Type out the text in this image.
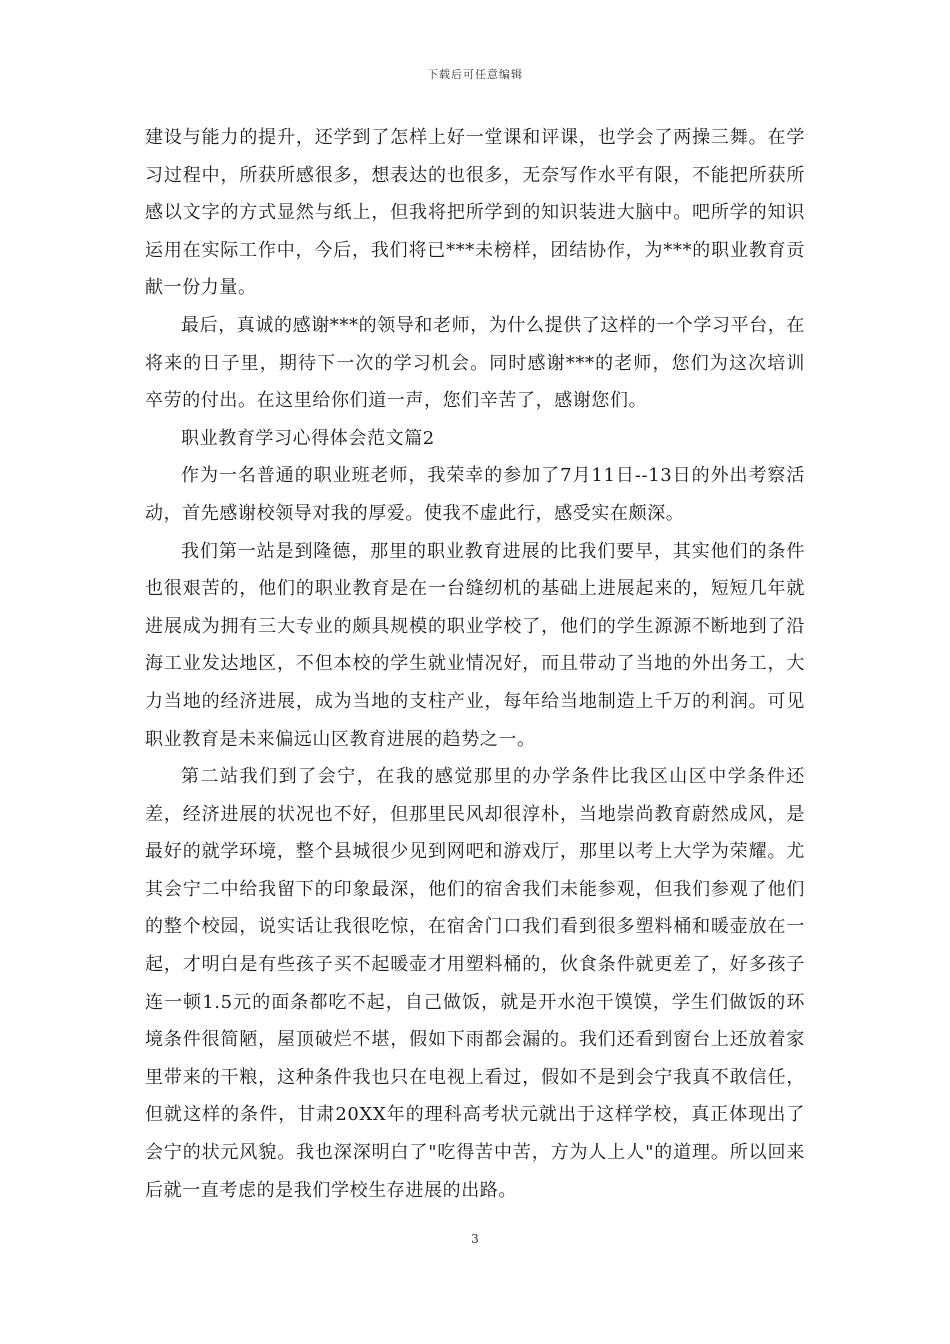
下载后可任意编辑

建设与能力的提升，还学到了怎样上好一堂课和评课，也学会了两操三舞。在学习过程中，所获所感很多，想表达的也很多，无奈写作水平有限，不能把所获所感以文字的方式显然与纸上，但我将把所学到的知识装进大脑中。吧所学的知识运用在实际工作中，今后，我们将已***未榜样，团结协作，为***的职业教育贡献一份力量。

最后，真诚的感谢***的领导和老师，为什么提供了这样的一个学习平台，在将来的日子里，期待下一次的学习机会。同时感谢***的老师，您们为这次培训卒劳的付出。在这里给你们道一声，您们辛苦了，感谢您们。

职业教育学习心得体会范文篇2

作为一名普通的职业班老师，我荣幸的参加了7月11日--13日的外出考察活动，首先感谢校领导对我的厚爱。使我不虚此行，感受实在颇深。

我们第一站是到隆德，那里的职业教育进展的比我们要早，其实他们的条件也很艰苦的，他们的职业教育是在一台缝纫机的基础上进展起来的，短短几年就进展成为拥有三大专业的颇具规模的职业学校了，他们的学生源源不断地到了沿海工业发达地区，不但本校的学生就业情况好，而且带动了当地的外出务工，大力当地的经济进展，成为当地的支柱产业，每年给当地制造上千万的利润。可见职业教育是未来偏远山区教育进展的趋势之一。

第二站我们到了会宁，在我的感觉那里的办学条件比我区山区中学条件还差，经济进展的状况也不好，但那里民风却很淳朴，当地崇尚教育蔚然成风，是最好的就学环境，整个县城很少见到网吧和游戏厅，那里以考上大学为荣耀。尤其会宁二中给我留下的印象最深，他们的宿舍我们未能参观，但我们参观了他们的整个校园，说实话让我很吃惊，在宿舍门口我们看到很多塑料桶和暖壶放在一起，才明白是有些孩子买不起暖壶才用塑料桶的，伙食条件就更差了，好多孩子连一顿1.5元的面条都吃不起，自己做饭，就是开水泡干馍馍，学生们做饭的环境条件很简陋，屋顶破烂不堪，假如下雨都会漏的。我们还看到窗台上还放着家里带来的干粮，这种条件我也只在电视上看过，假如不是到会宁我真不敢信任， 但就这样的条件，甘肃20XX年的理科高考状元就出于这样学校，真正体现出了会宁的状元风貌。我也深深明白了"吃得苦中苦，方为人上人"的道理。所以回来后就一直考虑的是我们学校生存进展的出路。

3
